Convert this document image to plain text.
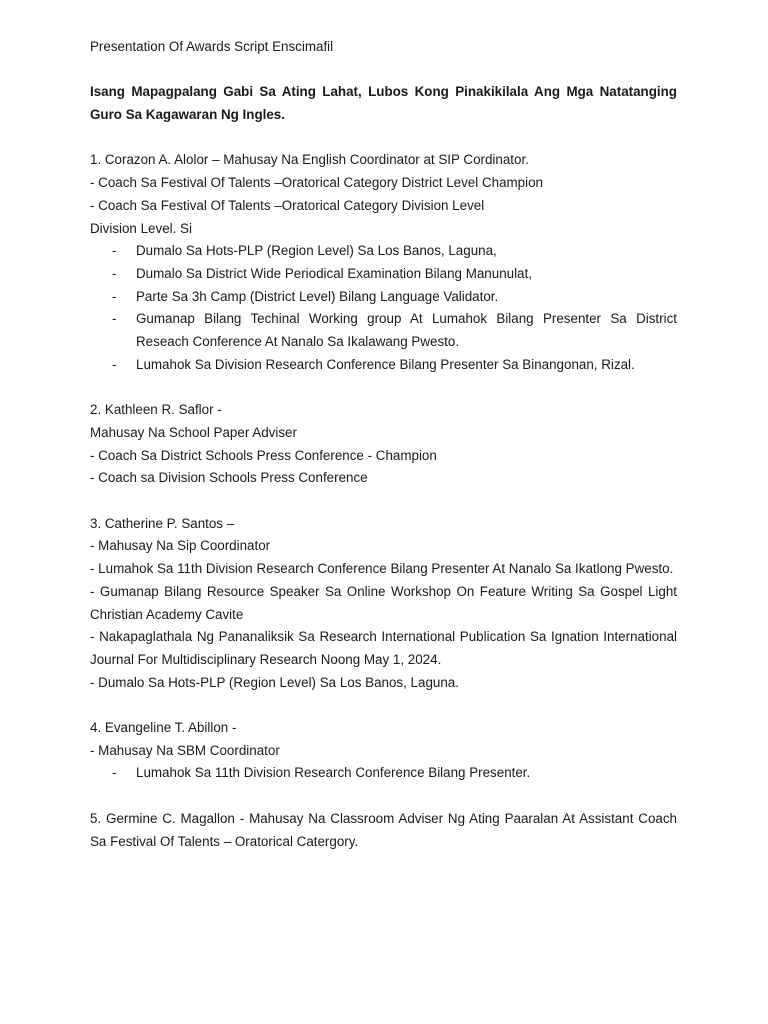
Presentation Of Awards Script Enscimafil
Isang Mapagpalang Gabi Sa Ating Lahat, Lubos Kong Pinakikilala Ang Mga Natatanging Guro Sa Kagawaran Ng Ingles.
1. Corazon A. Alolor – Mahusay Na English Coordinator at SIP Cordinator.
- Coach Sa Festival Of Talents –Oratorical Category District Level Champion
- Coach Sa Festival Of Talents –Oratorical Category Division Level
Division Level. Si
- Dumalo Sa Hots-PLP (Region Level) Sa Los Banos, Laguna,
- Dumalo Sa District Wide Periodical Examination Bilang Manunulat,
- Parte Sa 3h Camp (District Level) Bilang Language Validator.
- Gumanap Bilang Techinal Working group At Lumahok Bilang Presenter Sa District Reseach Conference At Nanalo Sa Ikalawang Pwesto.
- Lumahok Sa Division Research Conference Bilang Presenter Sa Binangonan, Rizal.
2. Kathleen R. Saflor -
Mahusay Na School Paper Adviser
- Coach Sa District Schools Press Conference - Champion
- Coach sa Division Schools Press Conference
3. Catherine P. Santos –
- Mahusay Na Sip Coordinator
- Lumahok Sa 11th Division Research Conference Bilang Presenter At Nanalo Sa Ikatlong Pwesto.
- Gumanap Bilang Resource Speaker Sa Online Workshop On Feature Writing Sa Gospel Light Christian Academy Cavite
- Nakapaglathala Ng Pananaliksik Sa Research International Publication Sa Ignation International Journal For Multidisciplinary Research Noong May 1, 2024.
- Dumalo Sa Hots-PLP (Region Level) Sa Los Banos, Laguna.
4. Evangeline T. Abillon -
- Mahusay Na SBM Coordinator
- Lumahok Sa 11th Division Research Conference Bilang Presenter.
5. Germine C. Magallon - Mahusay Na Classroom Adviser Ng Ating Paaralan At Assistant Coach Sa Festival Of Talents – Oratorical Catergory.
